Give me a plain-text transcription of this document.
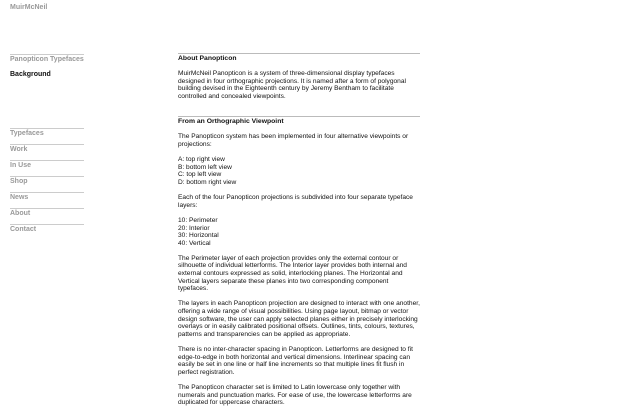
MuirMcNeil
Panopticon Typefaces
Background
Typefaces
Work
In Use
Shop
News
About
Contact
About Panopticon

MuirMcNeil Panopticon is a system of three-dimensional display typefaces designed in four orthographic projections. It is named after a form of polygonal building devised in the Eighteenth century by Jeremy Bentham to facilitate controlled and concealed viewpoints.

From an Orthographic Viewpoint

The Panopticon system has been implemented in four alternative viewpoints or projections:

A: top right view
B: bottom left view
C: top left view
D: bottom right view

Each of the four Panopticon projections is subdivided into four separate typeface layers:

10: Perimeter
20: Interior
30: Horizontal
40: Vertical

The Perimeter layer of each projection provides only the external contour or silhouette of individual letterforms. The Interior layer provides both internal and external contours expressed as solid, interlocking planes. The Horizontal and Vertical layers separate these planes into two corresponding component typefaces.

The layers in each Panopticon projection are designed to interact with one another, offering a wide range of visual possibilities. Using page layout, bitmap or vector design software, the user can apply selected planes either in precisely interlocking overlays or in easily calibrated positional offsets. Outlines, tints, colours, textures, patterns and transparencies can be applied as appropriate.

There is no inter-character spacing in Panopticon. Letterforms are designed to fit edge-to-edge in both horizontal and vertical dimensions. Interlinear spacing can easily be set in one line or half line increments so that multiple lines fit flush in perfect registration.

The Panopticon character set is limited to Latin lowercase only together with numerals and punctuation marks. For ease of use, the lowercase letterforms are duplicated for uppercase characters.
